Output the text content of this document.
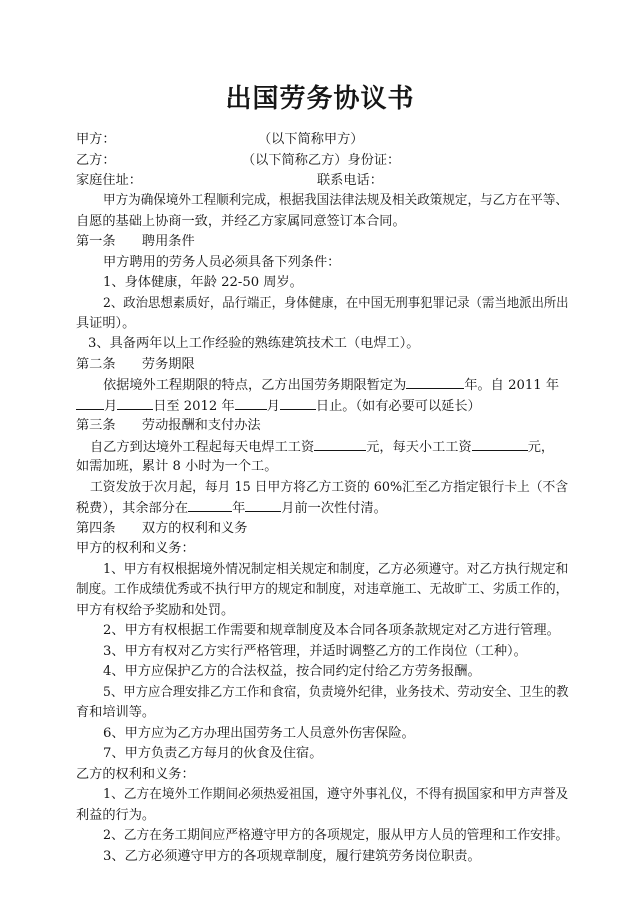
出国劳务协议书
甲方：	（以下简称甲方）
乙方：	（以下简称乙方）身份证：
家庭住址：	联系电话：
甲方为确保境外工程顺利完成，根据我国法律法规及相关政策规定，与乙方在平等、
自愿的基础上协商一致，并经乙方家属同意签订本合同。
第一条　　聘用条件
甲方聘用的劳务人员必须具备下列条件：
1、身体健康，年龄 22-50 周岁。
2、政治思想素质好，品行端正，身体健康，在中国无刑事犯罪记录（需当地派出所出
具证明）。
3、具备两年以上工作经验的熟练建筑技术工（电焊工）。
第二条　　劳务期限
依据境外工程期限的特点，乙方出国劳务期限暂定为	年。自 2011 年
月	日至 2012 年 月	日止。（如有必要可以延长）
第三条　　劳动报酬和支付办法
自乙方到达境外工程起每天电焊工工资	元，每天小工工资	元，
如需加班，累计 8 小时为一个工。
工资发放于次月起，每月 15 日甲方将乙方工资的 60%汇至乙方指定银行卡上（不含
税费），其余部分在	年	月前一次性付清。
第四条　　双方的权利和义务
甲方的权利和义务：
1、甲方有权根据境外情况制定相关规定和制度，乙方必须遵守。对乙方执行规定和
制度。工作成绩优秀或不执行甲方的规定和制度，对违章施工、无故旷工、劣质工作的，
甲方有权给予奖励和处罚。
2、甲方有权根据工作需要和规章制度及本合同各项条款规定对乙方进行管理。
3、甲方有权对乙方实行严格管理，并适时调整乙方的工作岗位（工种）。
4、甲方应保护乙方的合法权益，按合同约定付给乙方劳务报酬。
5、甲方应合理安排乙方工作和食宿，负责境外纪律，业务技术、劳动安全、卫生的教
育和培训等。
6、甲方应为乙方办理出国劳务工人员意外伤害保险。
7、甲方负责乙方每月的伙食及住宿。
乙方的权利和义务：
1、乙方在境外工作期间必须热爱祖国，遵守外事礼仪，不得有损国家和甲方声誉及
利益的行为。
2、乙方在务工期间应严格遵守甲方的各项规定，服从甲方人员的管理和工作安排。
3、乙方必须遵守甲方的各项规章制度，履行建筑劳务岗位职责。
